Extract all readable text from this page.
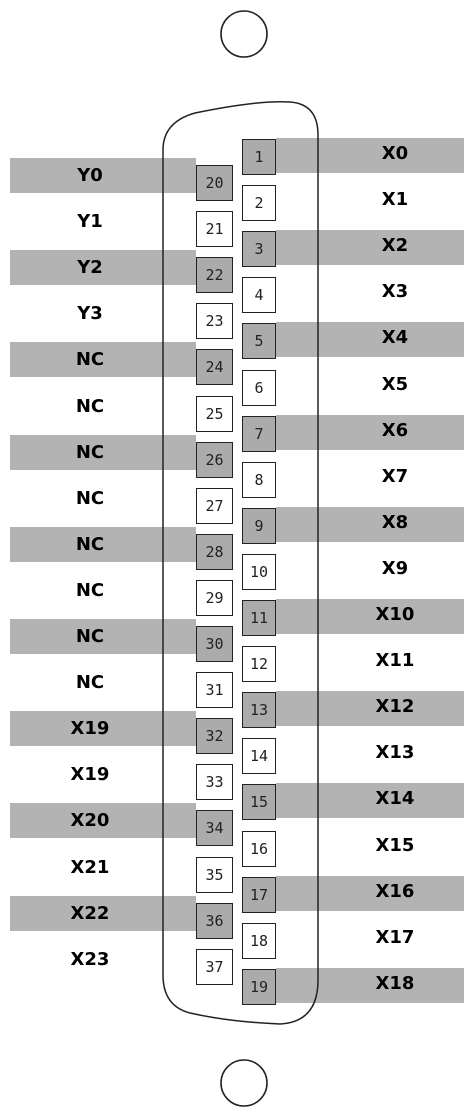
20
21
22
23
24
25
26
27
28
29
30
31
32
33
34
35
36
37
1
2
3
4
5
6
7
8
9
10
11
12
13
14
15
16
17
18
19
Y0
Y1
Y2
Y3
NC
NC
NC
NC
NC
NC
NC
NC
X19
X19
X20
X21
X22
X23
X0
X1
X2
X3
X4
X5
X6
X7
X8
X9
X10
X11
X12
X13
X14
X15
X16
X17
X18
